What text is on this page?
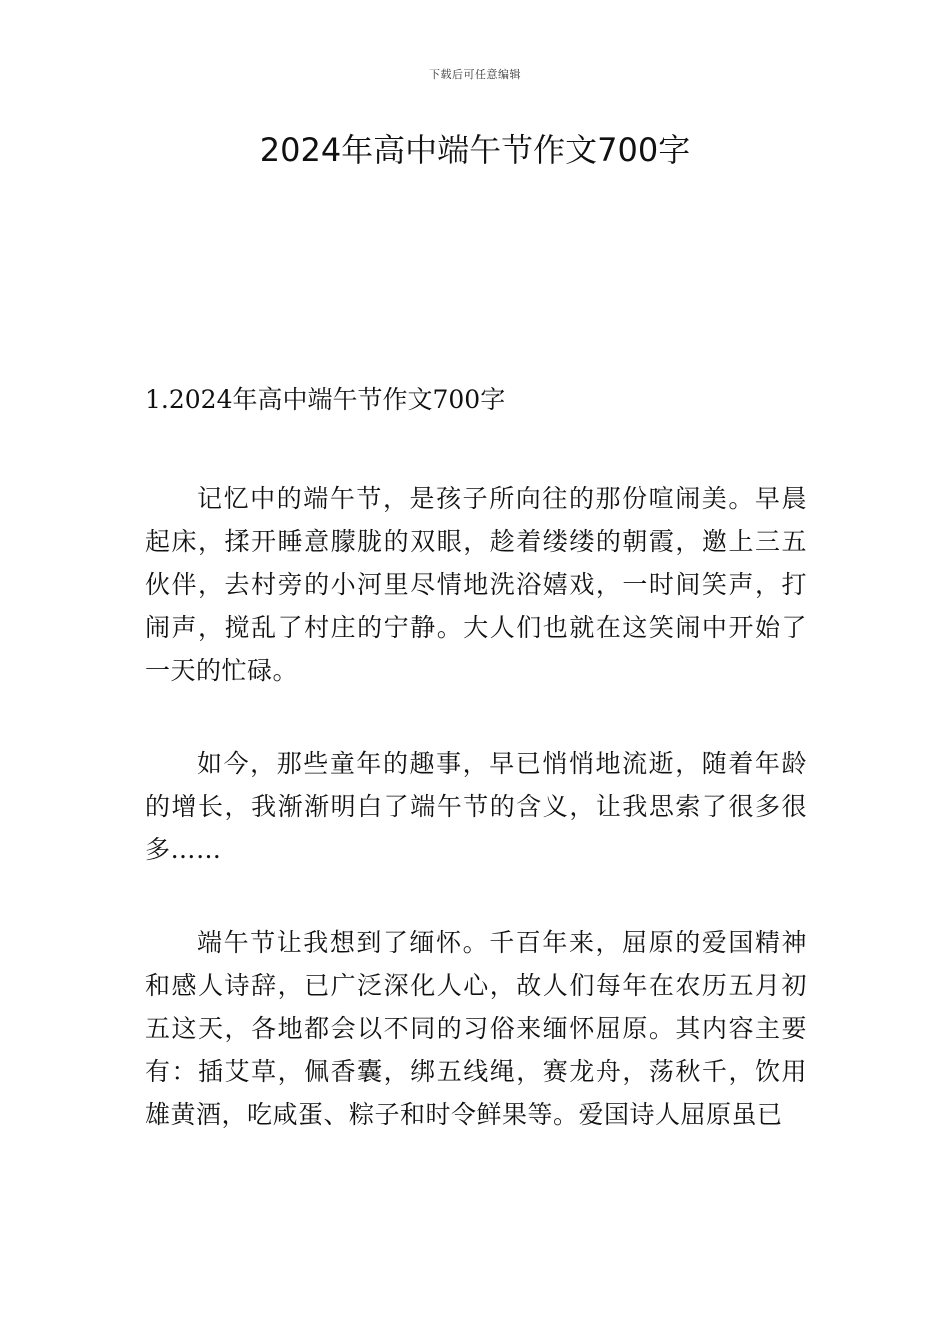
下载后可任意编辑
2024年高中端午节作文700字
1.2024年高中端午节作文700字

记忆中的端午节，是孩子所向往的那份喧闹美。早晨起床，揉开睡意朦胧的双眼，趁着缕缕的朝霞，邀上三五伙伴，去村旁的小河里尽情地洗浴嬉戏，一时间笑声，打闹声，搅乱了村庄的宁静。大人们也就在这笑闹中开始了一天的忙碌。

如今，那些童年的趣事，早已悄悄地流逝，随着年龄的增长，我渐渐明白了端午节的含义，让我思索了很多很多……

端午节让我想到了缅怀。千百年来，屈原的爱国精神和感人诗辞，已广泛深化人心，故人们每年在农历五月初五这天，各地都会以不同的习俗来缅怀屈原。其内容主要有：插艾草，佩香囊，绑五线绳，赛龙舟，荡秋千，饮用雄黄酒，吃咸蛋、粽子和时令鲜果等。爱国诗人屈原虽已
